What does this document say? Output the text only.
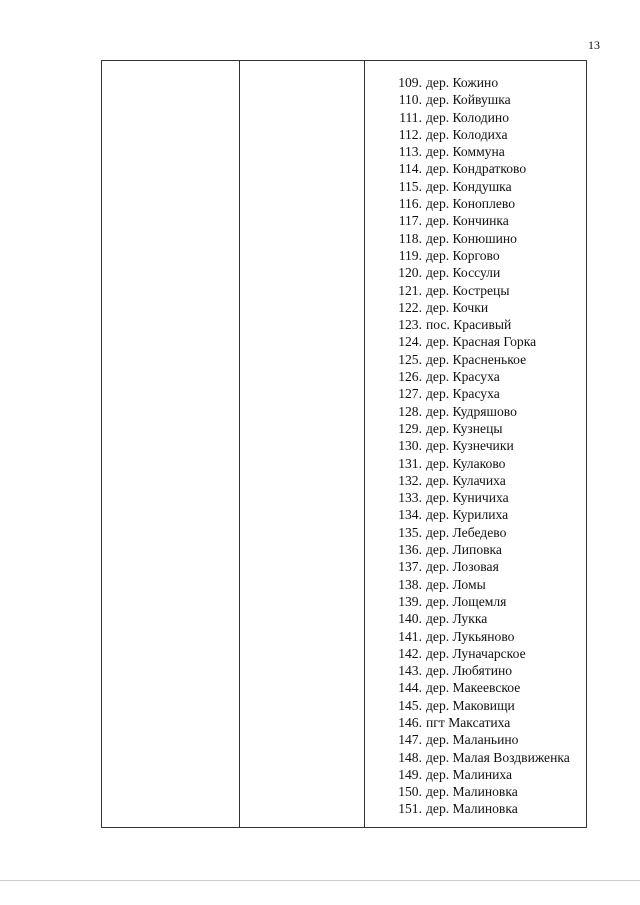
13
109. дер. Кожино
110. дер. Койвушка
111. дер. Колодино
112. дер. Колодиха
113. дер. Коммуна
114. дер. Кондратково
115. дер. Кондушка
116. дер. Коноплево
117. дер. Кончинка
118. дер. Конюшино
119. дер. Коргово
120. дер. Коссули
121. дер. Кострецы
122. дер. Кочки
123. пос. Красивый
124. дер. Красная Горка
125. дер. Красненькое
126. дер. Красуха
127. дер. Красуха
128. дер. Кудряшово
129. дер. Кузнецы
130. дер. Кузнечики
131. дер. Кулаково
132. дер. Кулачиха
133. дер. Куничиха
134. дер. Курилиха
135. дер. Лебедево
136. дер. Липовка
137. дер. Лозовая
138. дер. Ломы
139. дер. Лощемля
140. дер. Лукка
141. дер. Лукьяново
142. дер. Луначарское
143. дер. Любятино
144. дер. Макеевское
145. дер. Маковищи
146. пгт Максатиха
147. дер. Маланьино
148. дер. Малая Воздвиженка
149. дер. Малиниха
150. дер. Малиновка
151. дер. Малиновка
